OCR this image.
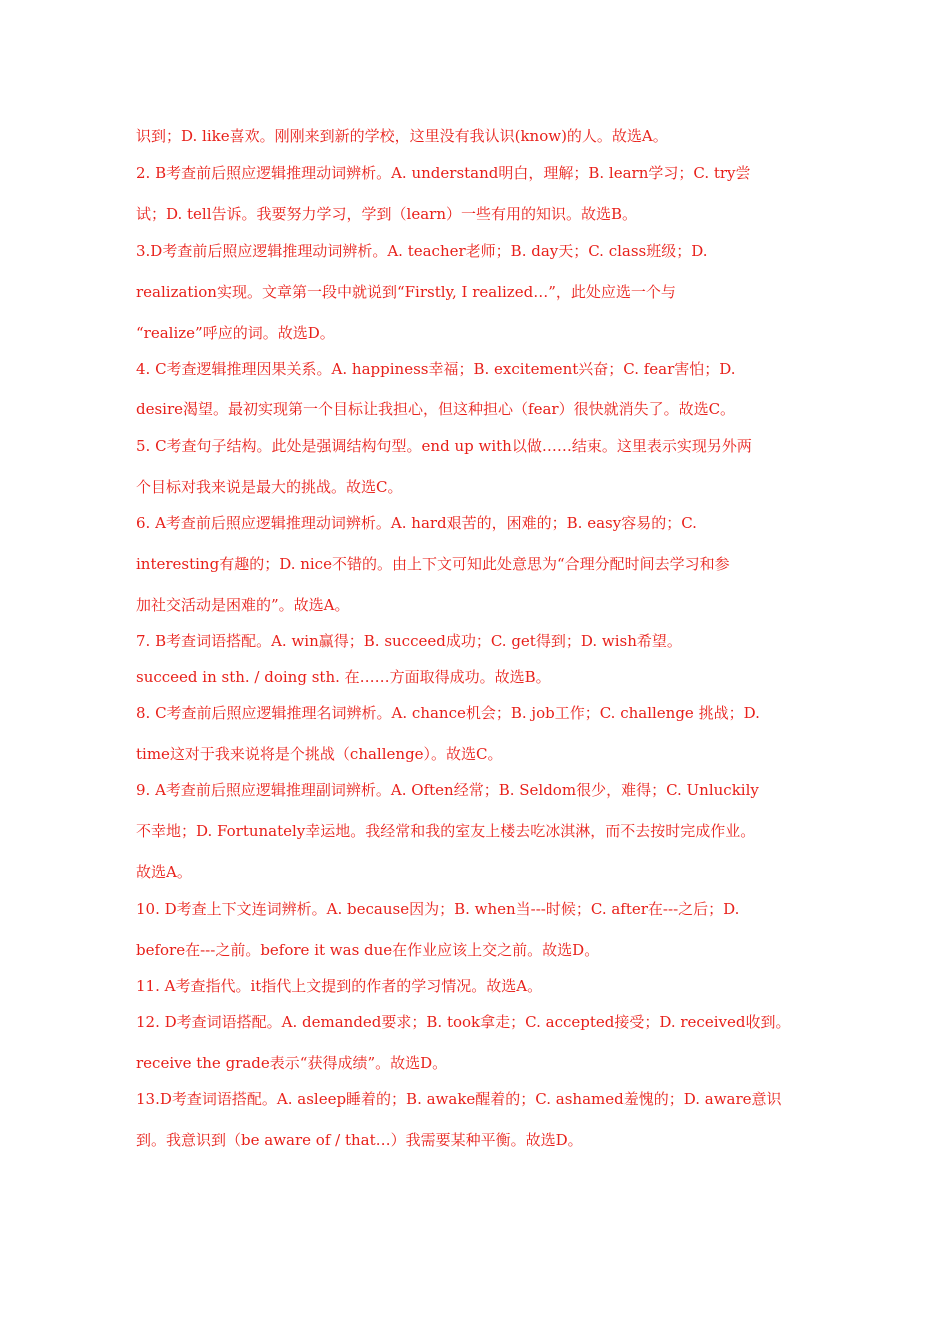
识到；D. like喜欢。刚刚来到新的学校，这里没有我认识(know)的人。故选A。
2. B考查前后照应逻辑推理动词辨析。A. understand明白，理解；B. learn学习；C. try尝
试；D. tell告诉。我要努力学习，学到（learn）一些有用的知识。故选B。
3.D考查前后照应逻辑推理动词辨析。A. teacher老师；B. day天；C. class班级；D.
realization实现。文章第一段中就说到“Firstly, I realized…”，此处应选一个与
“realize”呼应的词。故选D。
4. C考查逻辑推理因果关系。A. happiness幸福；B. excitement兴奋；C. fear害怕；D.
desire渴望。最初实现第一个目标让我担心，但这种担心（fear）很快就消失了。故选C。
5. C考查句子结构。此处是强调结构句型。end up with以做……结束。这里表示实现另外两
个目标对我来说是最大的挑战。故选C。
6. A考查前后照应逻辑推理动词辨析。A. hard艰苦的，困难的；B. easy容易的；C.
interesting有趣的；D. nice不错的。由上下文可知此处意思为“合理分配时间去学习和参
加社交活动是困难的”。故选A。
7. B考查词语搭配。A. win赢得；B. succeed成功；C. get得到；D. wish希望。
succeed in sth. / doing sth. 在……方面取得成功。故选B。
8. C考查前后照应逻辑推理名词辨析。A. chance机会；B. job工作；C. challenge 挑战；D.
time这对于我来说将是个挑战（challenge）。故选C。
9. A考查前后照应逻辑推理副词辨析。A. Often经常；B. Seldom很少，难得；C. Unluckily
不幸地；D. Fortunately幸运地。我经常和我的室友上楼去吃冰淇淋，而不去按时完成作业。
故选A。
10. D考查上下文连词辨析。A. because因为；B. when当---时候；C. after在---之后；D.
before在---之前。before it was due在作业应该上交之前。故选D。
11. A考查指代。it指代上文提到的作者的学习情况。故选A。
12. D考查词语搭配。A. demanded要求；B. took拿走；C. accepted接受；D. received收到。
receive the grade表示“获得成绩”。故选D。
13.D考查词语搭配。A. asleep睡着的；B. awake醒着的；C. ashamed羞愧的；D. aware意识
到。我意识到（be aware of / that…）我需要某种平衡。故选D。
